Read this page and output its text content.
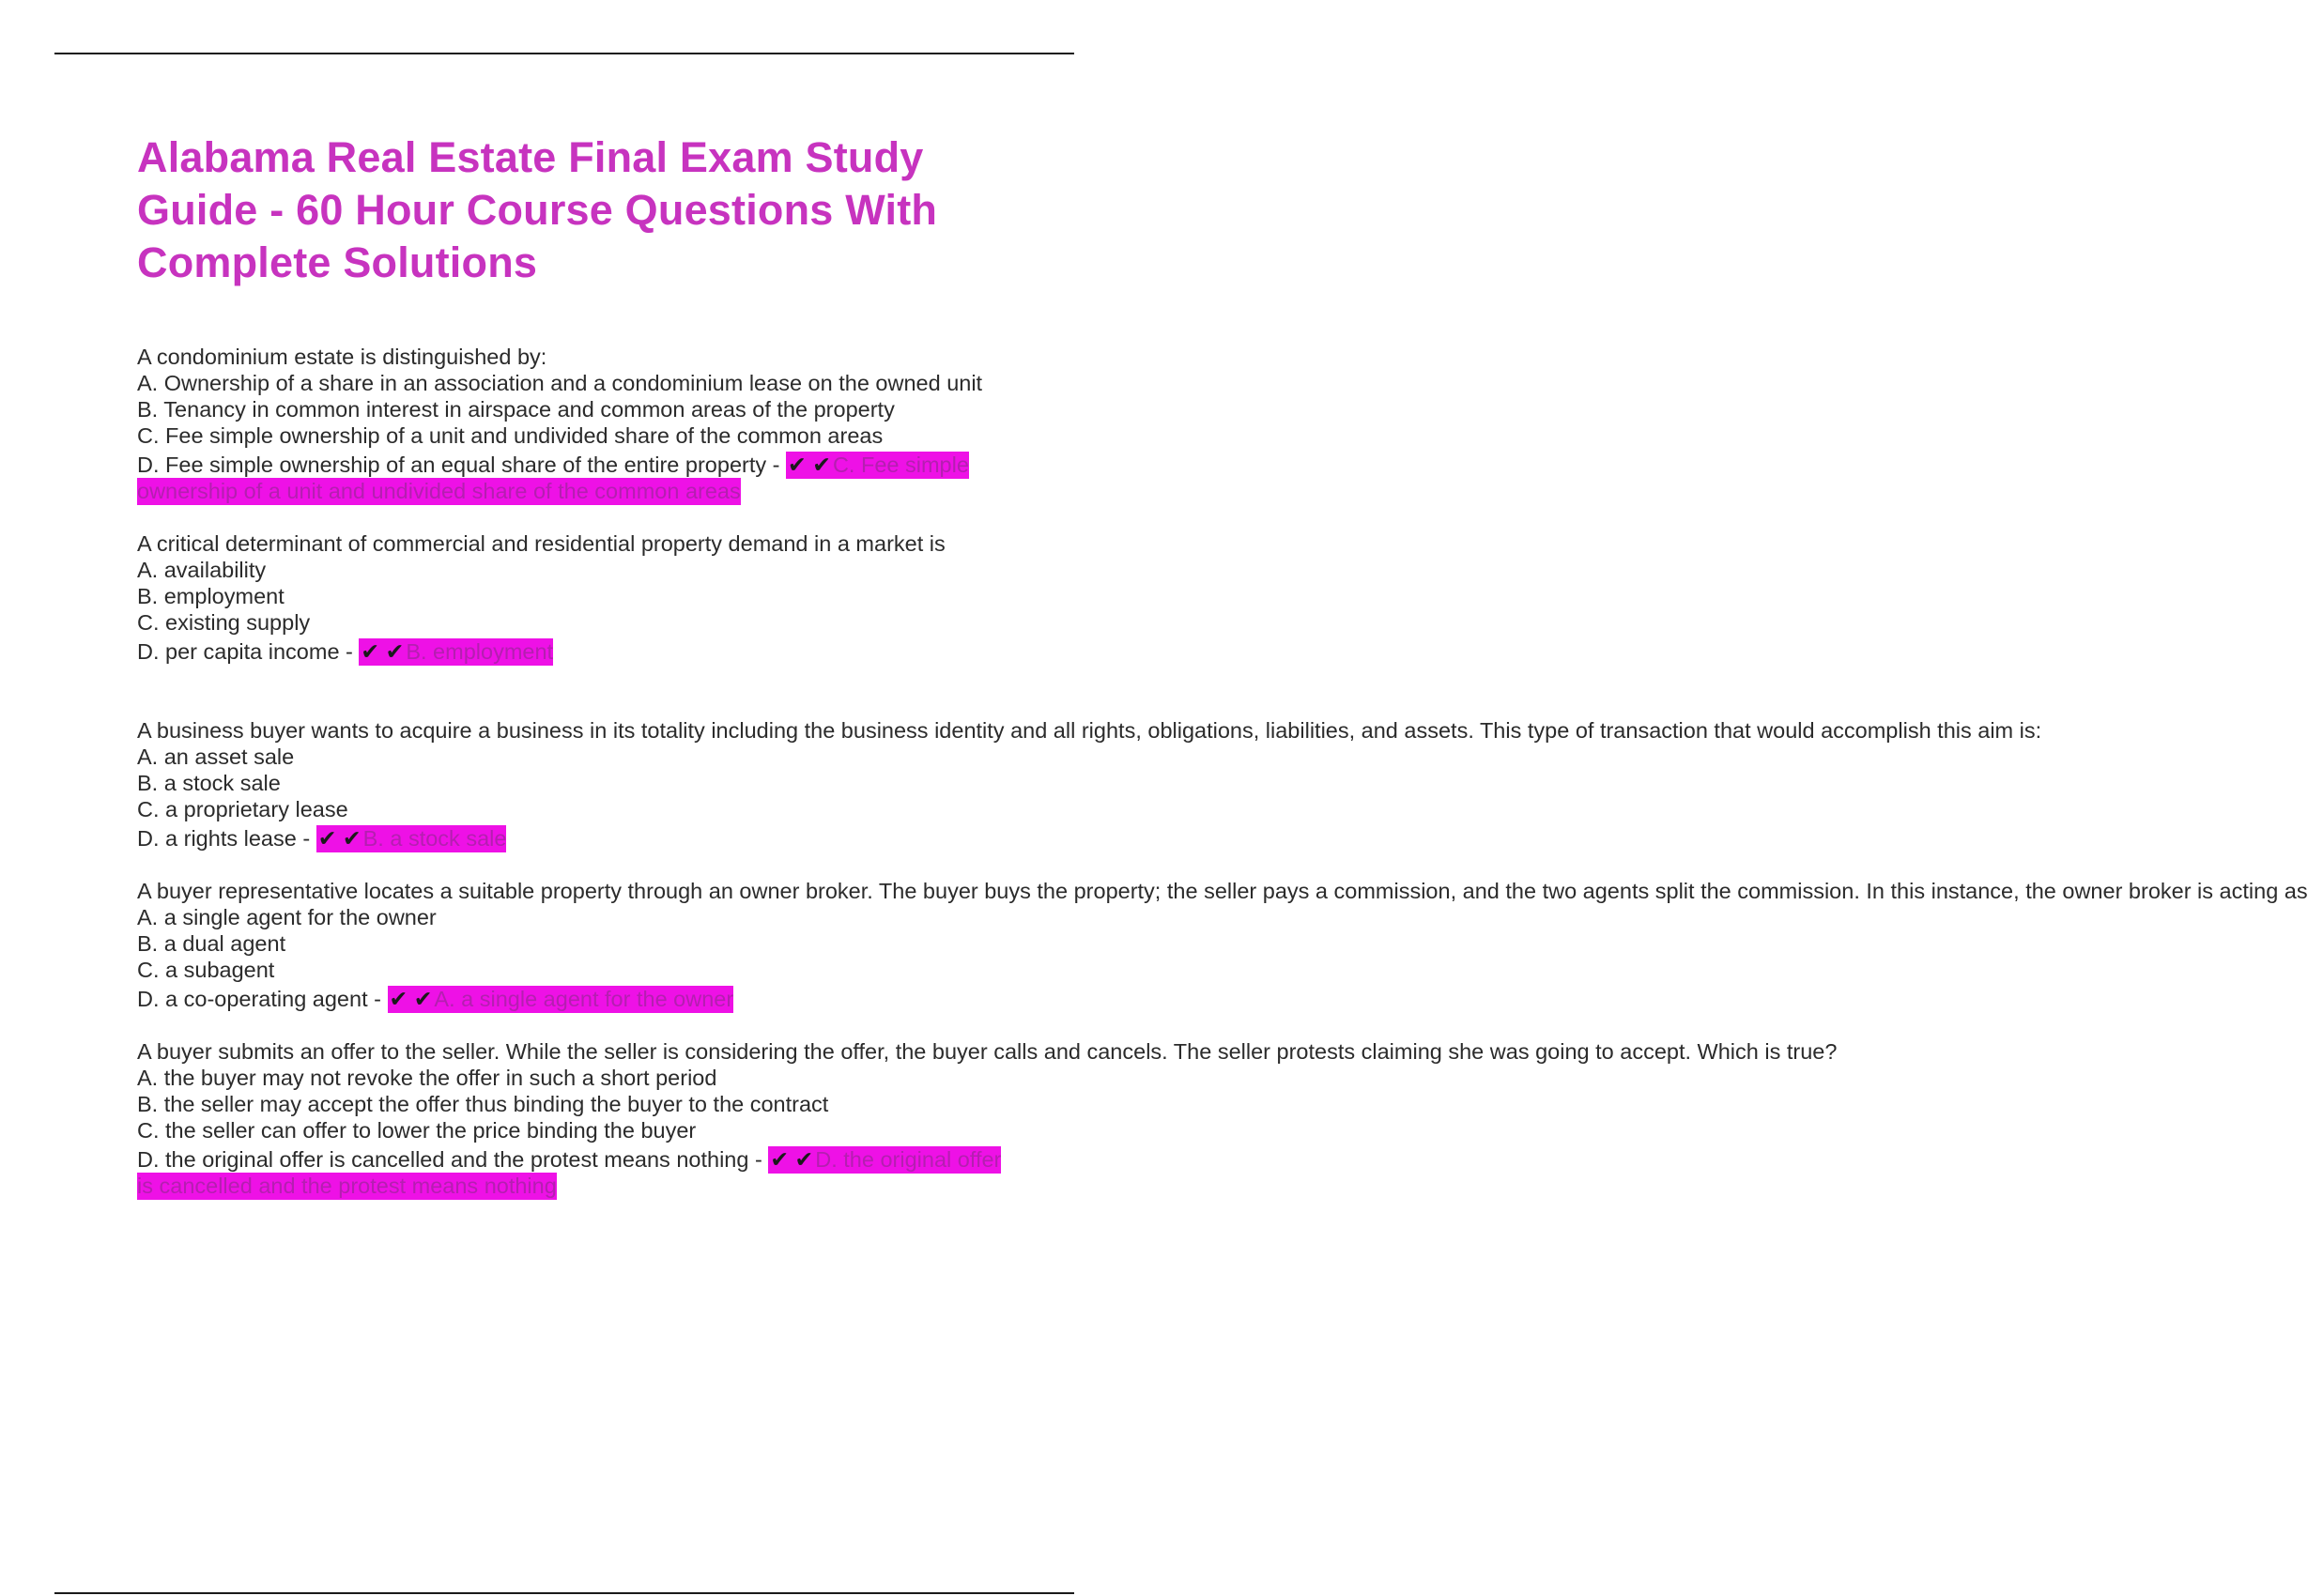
Alabama Real Estate Final Exam Study Guide - 60 Hour Course Questions With Complete Solutions
A condominium estate is distinguished by:
A. Ownership of a share in an association and a condominium lease on the owned unit
B. Tenancy in common interest in airspace and common areas of the property
C. Fee simple ownership of a unit and undivided share of the common areas
D. Fee simple ownership of an equal share of the entire property - ✔ ✔C. Fee simple ownership of a unit and undivided share of the common areas
A critical determinant of commercial and residential property demand in a market is
A. availability
B. employment
C. existing supply
D. per capita income - ✔ ✔B. employment
A business buyer wants to acquire a business in its totality including the business identity and all rights, obligations, liabilities, and assets. This type of transaction that would accomplish this aim is:
A. an asset sale
B. a stock sale
C. a proprietary lease
D. a rights lease - ✔ ✔B. a stock sale
A buyer representative locates a suitable property through an owner broker. The buyer buys the property; the seller pays a commission, and the two agents split the commission. In this instance, the owner broker is acting as
A. a single agent for the owner
B. a dual agent
C. a subagent
D. a co-operating agent - ✔ ✔A. a single agent for the owner
A buyer submits an offer to the seller. While the seller is considering the offer, the buyer calls and cancels. The seller protests claiming she was going to accept. Which is true?
A. the buyer may not revoke the offer in such a short period
B. the seller may accept the offer thus binding the buyer to the contract
C. the seller can offer to lower the price binding the buyer
D. the original offer is cancelled and the protest means nothing - ✔ ✔D. the original offer is cancelled and the protest means nothing
